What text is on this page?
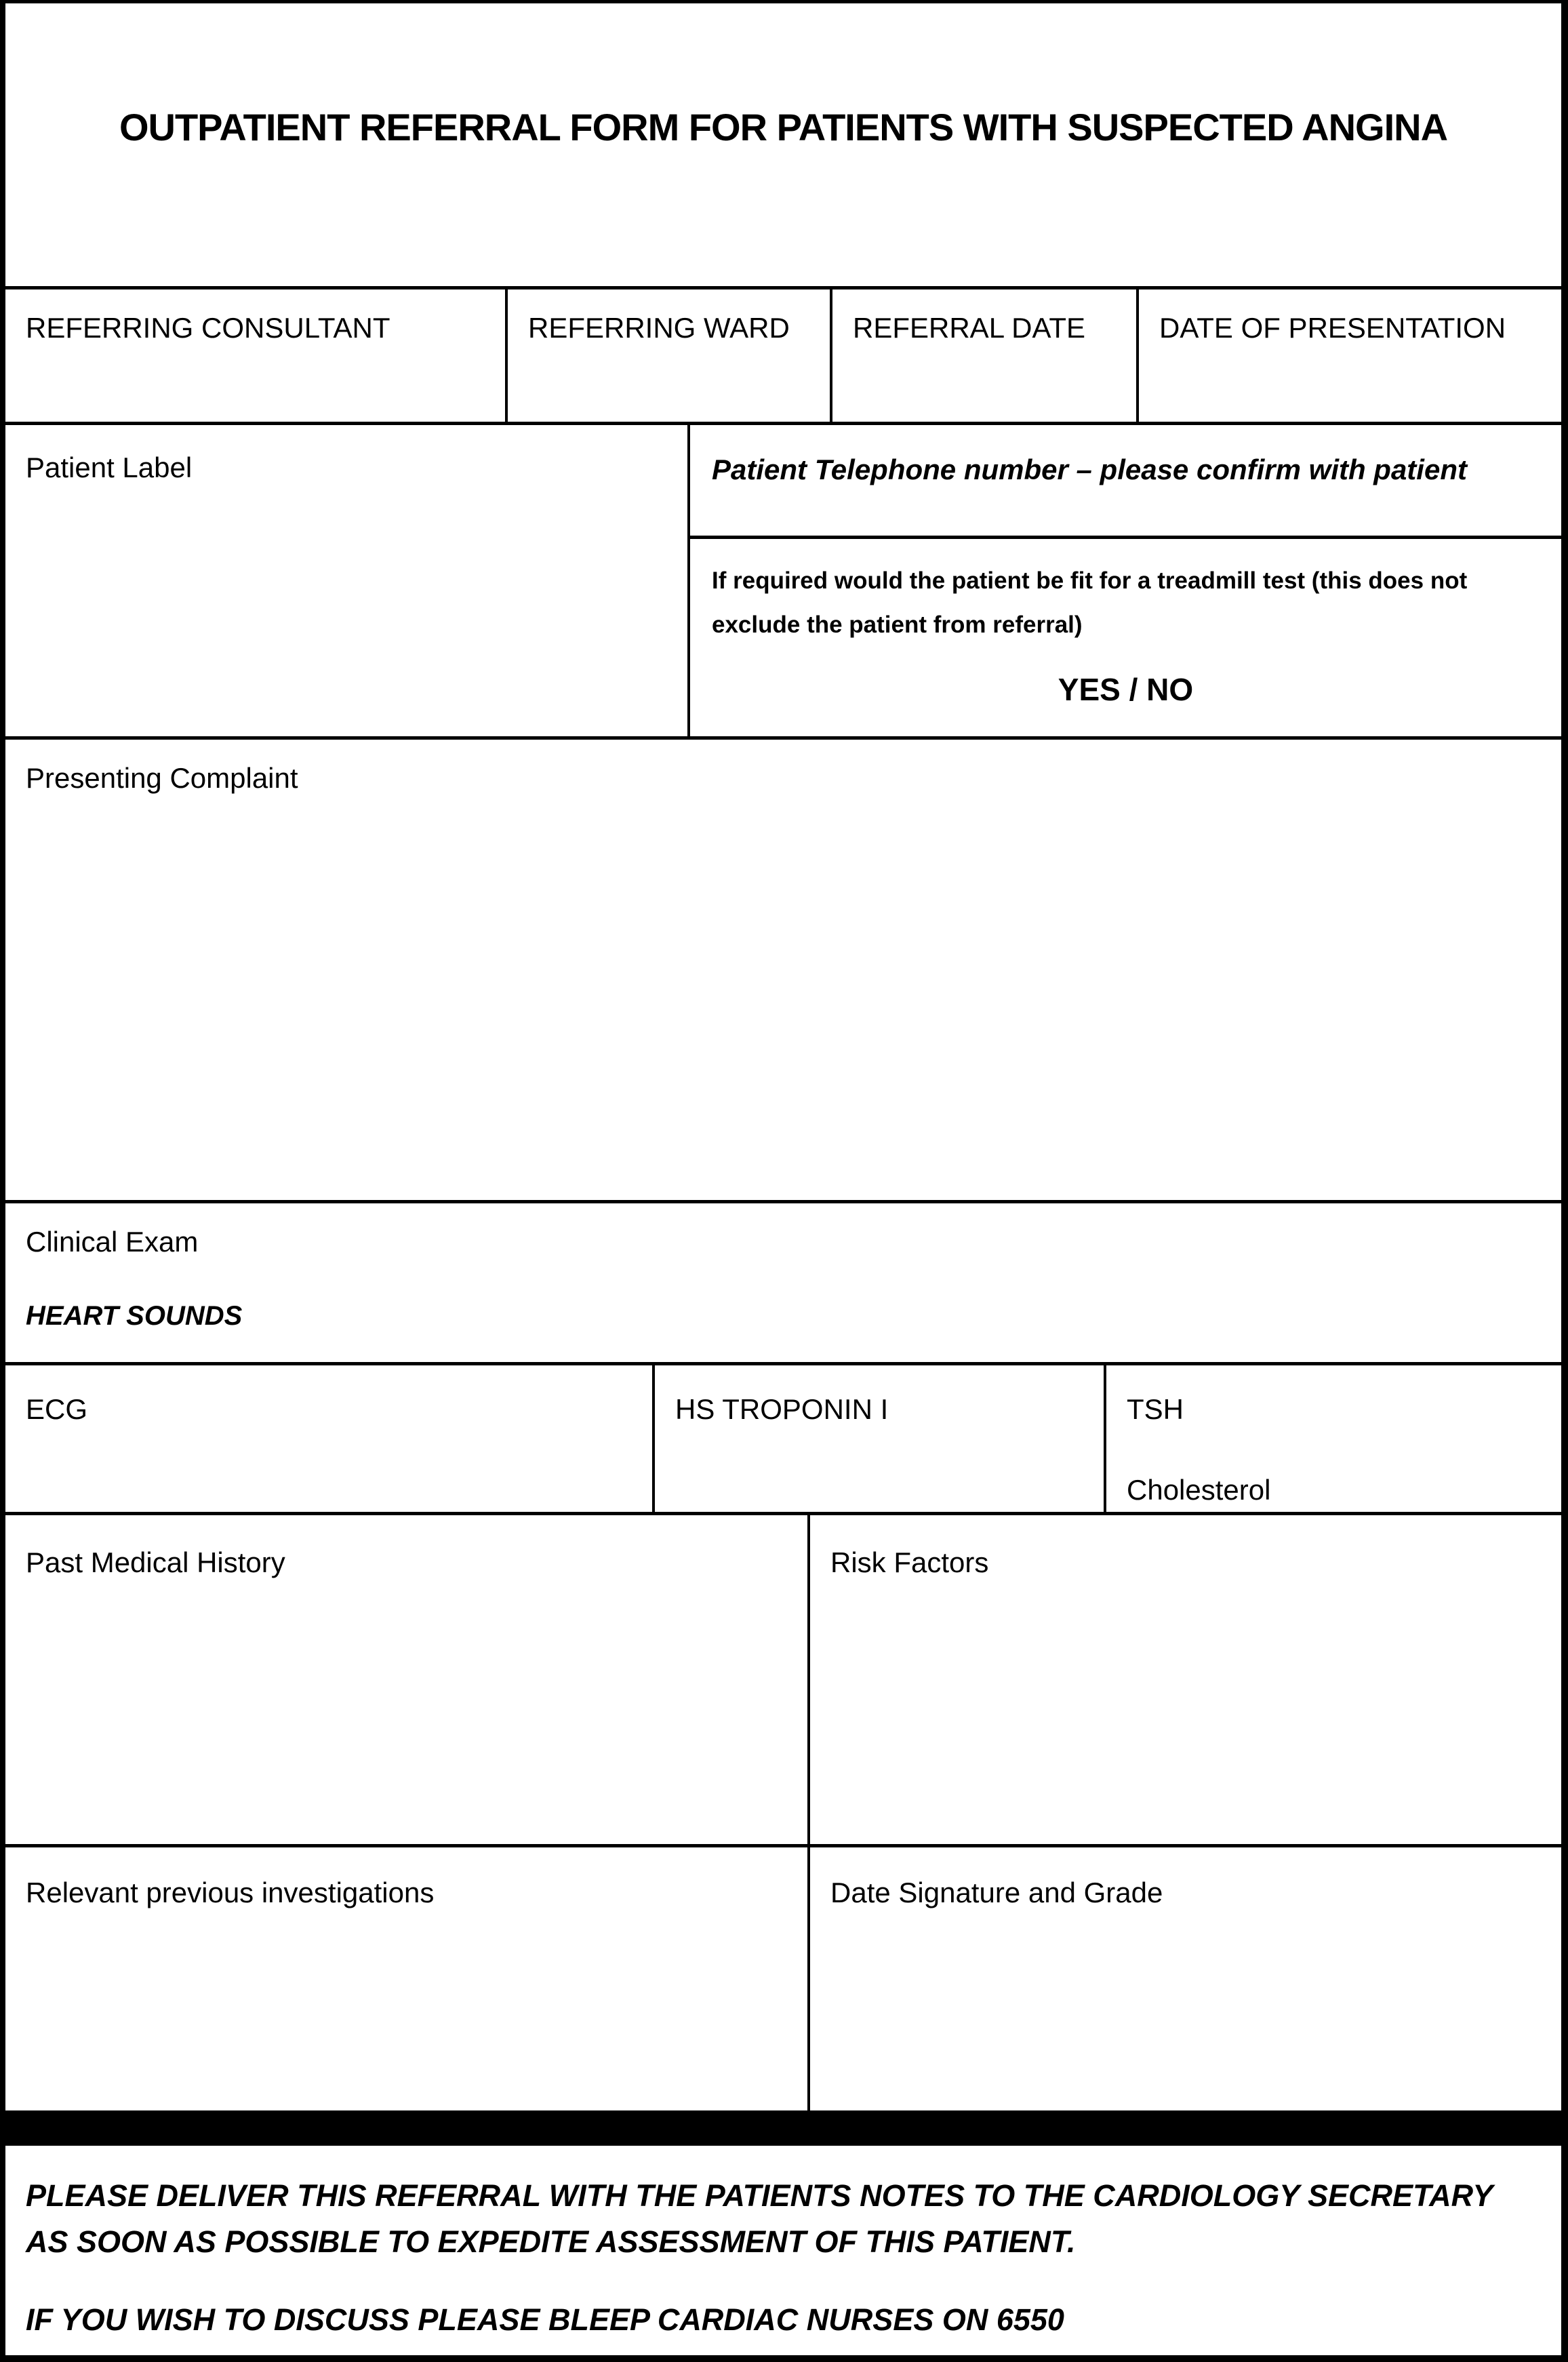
OUTPATIENT REFERRAL FORM FOR PATIENTS WITH SUSPECTED ANGINA
REFERRING CONSULTANT	REFERRING WARD	REFERRAL DATE	DATE OF PRESENTATION
Patient Label	Patient Telephone number – please confirm with patient
If required would the patient be fit for a treadmill test (this does not exclude the patient from referral)
YES / NO
Presenting Complaint
Clinical Exam
HEART SOUNDS
ECG	HS TROPONIN I	TSH
Cholesterol
Past Medical History	Risk Factors
Relevant previous investigations	Date Signature and Grade
PLEASE DELIVER THIS REFERRAL WITH THE PATIENTS NOTES TO THE CARDIOLOGY SECRETARY AS SOON AS POSSIBLE TO EXPEDITE ASSESSMENT OF THIS PATIENT.
IF YOU WISH TO DISCUSS PLEASE BLEEP CARDIAC NURSES ON 6550
